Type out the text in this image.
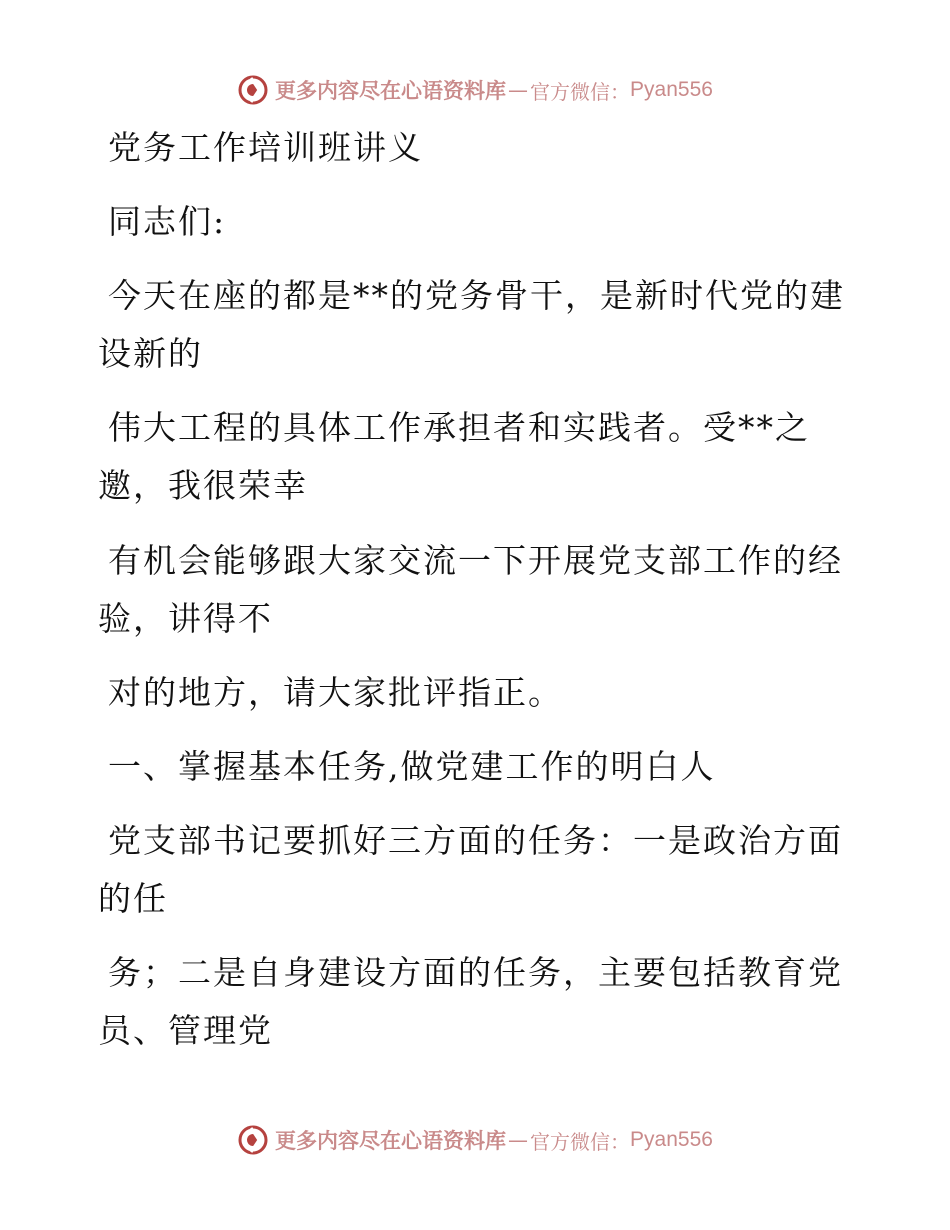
更多内容尽在心语资料库 — 官方微信： Pyan556
党务工作培训班讲义
同志们:
今天在座的都是**的党务骨干，是新时代党的建
设新的
伟大工程的具体工作承担者和实践者。受**之
邀，我很荣幸
有机会能够跟大家交流一下开展党支部工作的经
验，讲得不
对的地方，请大家批评指正。
一、掌握基本任务,做党建工作的明白人
党支部书记要抓好三方面的任务：一是政治方面
的任
务；二是自身建设方面的任务，主要包括教育党
员、管理党
更多内容尽在心语资料库 — 官方微信： Pyan556
